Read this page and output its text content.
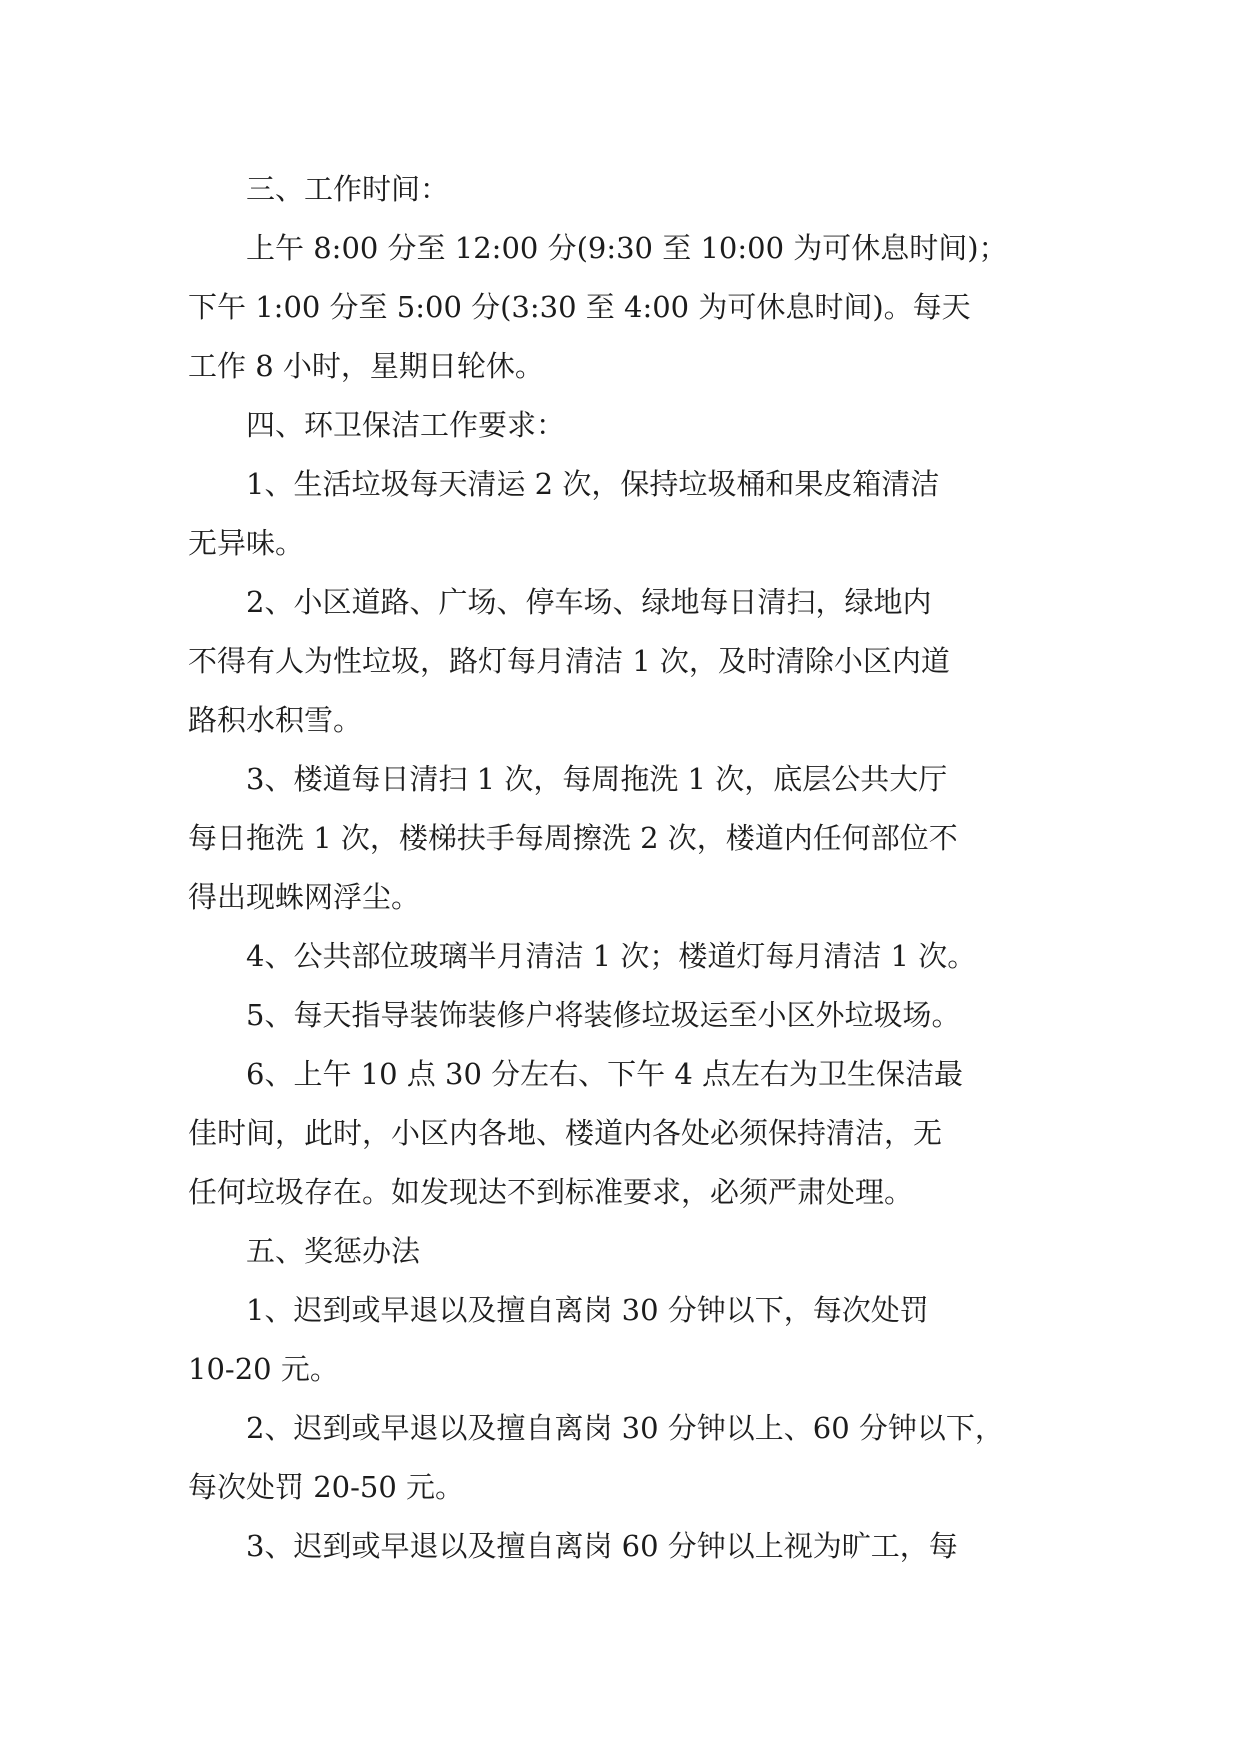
三、工作时间：
上午 8:00 分至 12:00 分(9:30 至 10:00 为可休息时间)；
下午 1:00 分至 5:00 分(3:30 至 4:00 为可休息时间)。每天
工作 8 小时，星期日轮休。
四、环卫保洁工作要求：
1、生活垃圾每天清运 2 次，保持垃圾桶和果皮箱清洁
无异味。
2、小区道路、广场、停车场、绿地每日清扫，绿地内
不得有人为性垃圾，路灯每月清洁 1 次，及时清除小区内道
路积水积雪。
3、楼道每日清扫 1 次，每周拖洗 1 次，底层公共大厅
每日拖洗 1 次，楼梯扶手每周擦洗 2 次，楼道内任何部位不
得出现蛛网浮尘。
4、公共部位玻璃半月清洁 1 次；楼道灯每月清洁 1 次。
5、每天指导装饰装修户将装修垃圾运至小区外垃圾场。
6、上午 10 点 30 分左右、下午 4 点左右为卫生保洁最
佳时间，此时，小区内各地、楼道内各处必须保持清洁，无
任何垃圾存在。如发现达不到标准要求，必须严肃处理。
五、奖惩办法
1、迟到或早退以及擅自离岗 30 分钟以下，每次处罚
10-20 元。
2、迟到或早退以及擅自离岗 30 分钟以上、60 分钟以下，
每次处罚 20-50 元。
3、迟到或早退以及擅自离岗 60 分钟以上视为旷工，每
